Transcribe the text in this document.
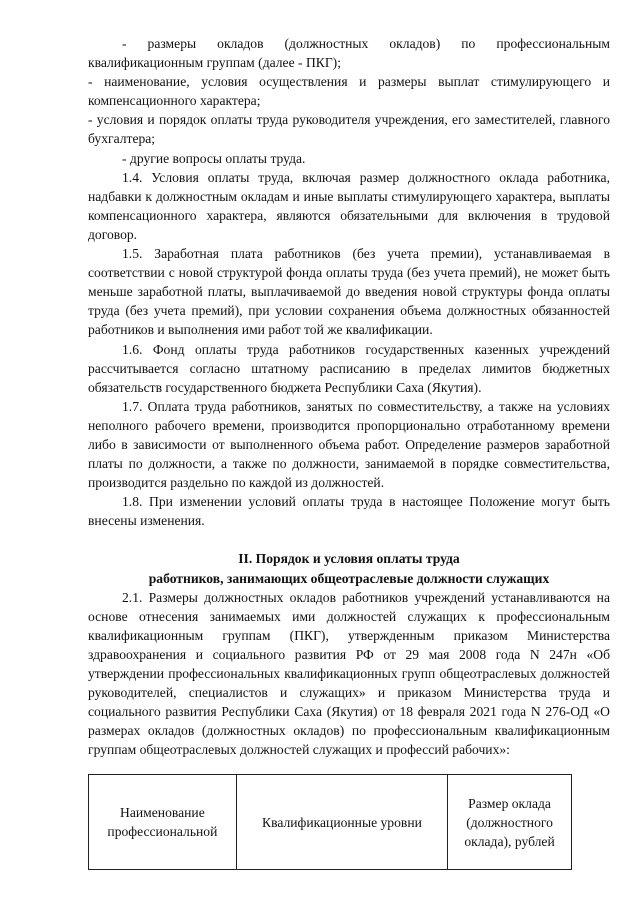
- размеры окладов (должностных окладов) по профессиональным квалификационным группам (далее - ПКГ);

- наименование, условия осуществления и размеры выплат стимулирующего и компенсационного характера;

- условия и порядок оплаты труда руководителя учреждения, его заместителей, главного бухгалтера;

- другие вопросы оплаты труда.

1.4. Условия оплаты труда, включая размер должностного оклада работника, надбавки к должностным окладам и иные выплаты стимулирующего характера, выплаты компенсационного характера, являются обязательными для включения в трудовой договор.

1.5. Заработная плата работников (без учета премии), устанавливаемая в соответствии с новой структурой фонда оплаты труда (без учета премий), не может быть меньше заработной платы, выплачиваемой до введения новой структуры фонда оплаты труда (без учета премий), при условии сохранения объема должностных обязанностей работников и выполнения ими работ той же квалификации.

1.6. Фонд оплаты труда работников государственных казенных учреждений рассчитывается согласно штатному расписанию в пределах лимитов бюджетных обязательств государственного бюджета Республики Саха (Якутия).

1.7. Оплата труда работников, занятых по совместительству, а также на условиях неполного рабочего времени, производится пропорционально отработанному времени либо в зависимости от выполненного объема работ. Определение размеров заработной платы по должности, а также по должности, занимаемой в порядке совместительства, производится раздельно по каждой из должностей.

1.8. При изменении условий оплаты труда в настоящее Положение могут быть внесены изменения.

II. Порядок и условия оплаты труда

работников, занимающих общеотраслевые должности служащих

2.1. Размеры должностных окладов работников учреждений устанавливаются на основе отнесения занимаемых ими должностей служащих к профессиональным квалификационным группам (ПКГ), утвержденным приказом Министерства здравоохранения и социального развития РФ от 29 мая 2008 года N 247н «Об утверждении профессиональных квалификационных групп общеотраслевых должностей руководителей, специалистов и служащих» и приказом Министерства труда и социального развития Республики Саха (Якутия) от 18 февраля 2021 года N 276-ОД «О размерах окладов (должностных окладов) по профессиональным квалификационным группам общеотраслевых должностей служащих и профессий рабочих»:

Наименование профессиональной	Квалификационные уровни	Размер оклада (должностного оклада), рублей
